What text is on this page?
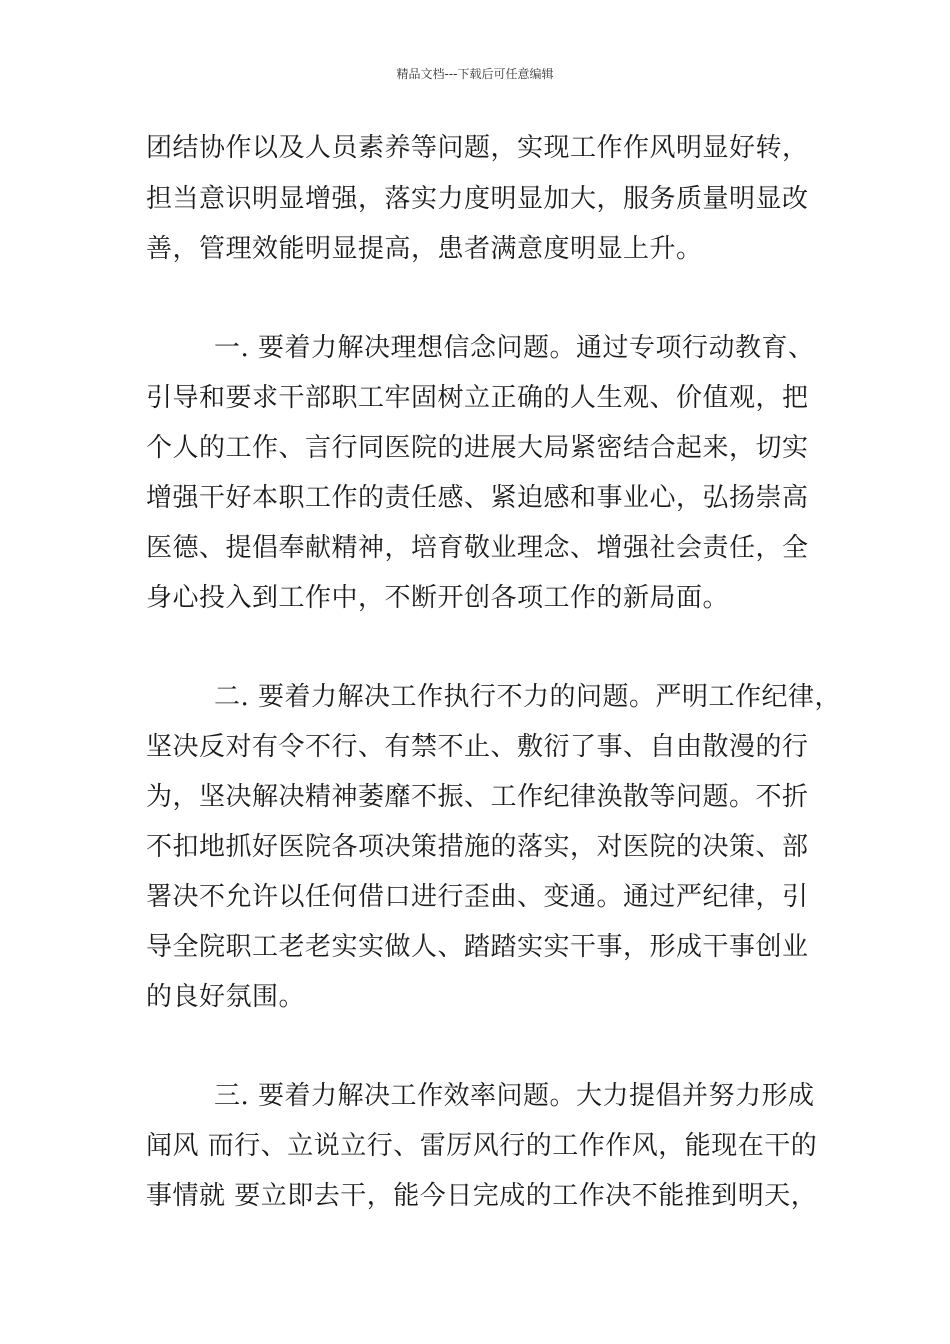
精品文档---下载后可任意编辑
团结协作以及人员素养等问题，实现工作作风明显好转，
担当意识明显增强，落实力度明显加大，服务质量明显改
善，管理效能明显提高，患者满意度明显上升。
一. 要着力解决理想信念问题。通过专项行动教育、
引导和要求干部职工牢固树立正确的人生观、价值观，把
个人的工作、言行同医院的进展大局紧密结合起来，切实
增强干好本职工作的责任感、紧迫感和事业心，弘扬崇高
医德、提倡奉献精神，培育敬业理念、增强社会责任，全
身心投入到工作中，不断开创各项工作的新局面。
二. 要着力解决工作执行不力的问题。严明工作纪律，
坚决反对有令不行、有禁不止、敷衍了事、自由散漫的行
为，坚决解决精神萎靡不振、工作纪律涣散等问题。不折
不扣地抓好医院各项决策措施的落实，对医院的决策、部
署决不允许以任何借口进行歪曲、变通。通过严纪律，引
导全院职工老老实实做人、踏踏实实干事，形成干事创业
的良好氛围。
三. 要着力解决工作效率问题。大力提倡并努力形成
闻风 而行、立说立行、雷厉风行的工作作风，能现在干的
事情就 要立即去干，能今日完成的工作决不能推到明天，
